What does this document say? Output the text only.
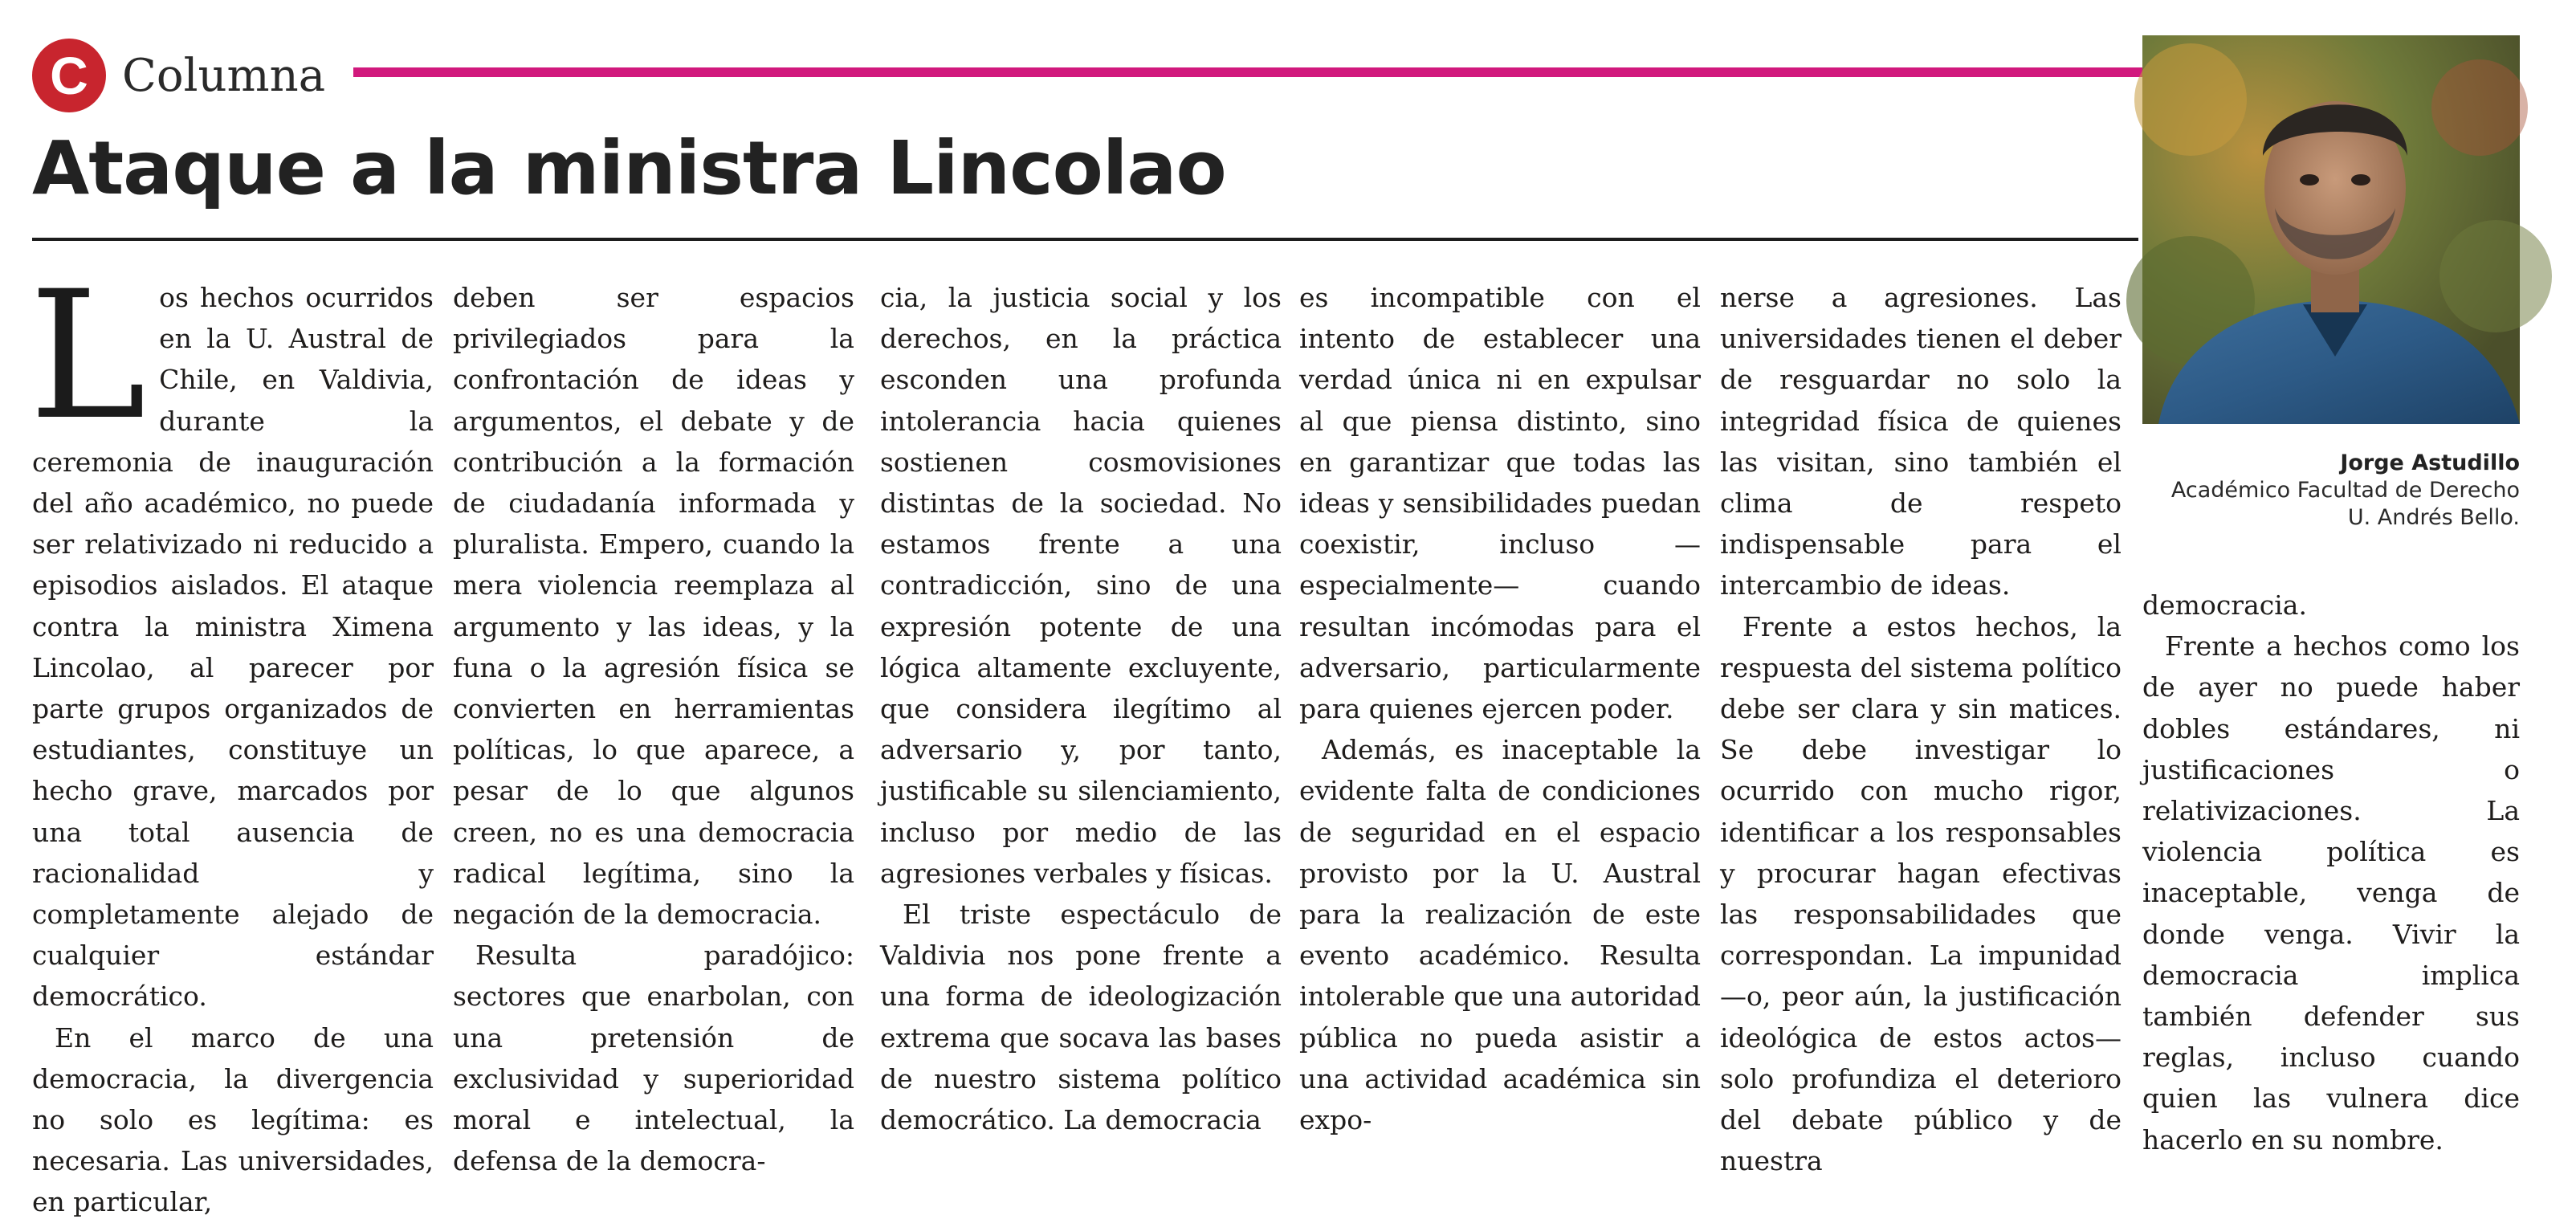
C Columna
Ataque a la ministra Lincolao
Jorge Astudillo
Académico Facultad de Derecho U. Andrés Bello.
L os hechos ocurridos en la U. Austral de Chile, en Valdivia, durante la ceremonia de inauguración del año académico, no puede ser relativizado ni reducido a episodios aislados. El ataque contra la ministra Ximena Lincolao, al parecer por parte grupos organizados de estudiantes, constituye un hecho grave, marcados por una total ausencia de racionalidad y completamente alejado de cualquier estándar democrático.

En el marco de una democracia, la divergencia no solo es legítima: es necesaria. Las universidades, en particular,

deben ser espacios privilegiados para la confrontación de ideas y argumentos, el debate y de contribución a la formación de ciudadanía informada y pluralista. Empero, cuando la mera violencia reemplaza al argumento y las ideas, y la funa o la agresión física se convierten en herramientas políticas, lo que aparece, a pesar de lo que algunos creen, no es una democracia radical legítima, sino la negación de la democracia.

Resulta paradójico: sectores que enarbolan, con una pretensión de exclusividad y superioridad moral e intelectual, la defensa de la democra-

cia, la justicia social y los derechos, en la práctica esconden una profunda intolerancia hacia quienes sostienen cosmovisiones distintas de la sociedad. No estamos frente a una contradicción, sino de una expresión potente de una lógica altamente excluyente, que considera ilegítimo al adversario y, por tanto, justificable su silenciamiento, incluso por medio de las agresiones verbales y físicas.

El triste espectáculo de Valdivia nos pone frente a una forma de ideologización extrema que socava las bases de nuestro sistema político democrático. La democracia

es incompatible con el intento de establecer una verdad única ni en expulsar al que piensa distinto, sino en garantizar que todas las ideas y sensibilidades puedan coexistir, incluso —especialmente— cuando resultan incómodas para el adversario, particularmente para quienes ejercen poder.

Además, es inaceptable la evidente falta de condiciones de seguridad en el espacio provisto por la U. Austral para la realización de este evento académico. Resulta intolerable que una autoridad pública no pueda asistir a una actividad académica sin expo-

nerse a agresiones. Las universidades tienen el deber de resguardar no solo la integridad física de quienes las visitan, sino también el clima de respeto indispensable para el intercambio de ideas.

Frente a estos hechos, la respuesta del sistema político debe ser clara y sin matices. Se debe investigar lo ocurrido con mucho rigor, identificar a los responsables y procurar hagan efectivas las responsabilidades que correspondan. La impunidad —o, peor aún, la justificación ideológica de estos actos— solo profundiza el deterioro del debate público y de nuestra

democracia.

Frente a hechos como los de ayer no puede haber dobles estándares, ni justificaciones o relativizaciones. La violencia política es inaceptable, venga de donde venga. Vivir la democracia implica también defender sus reglas, incluso cuando quien las vulnera dice hacerlo en su nombre.
